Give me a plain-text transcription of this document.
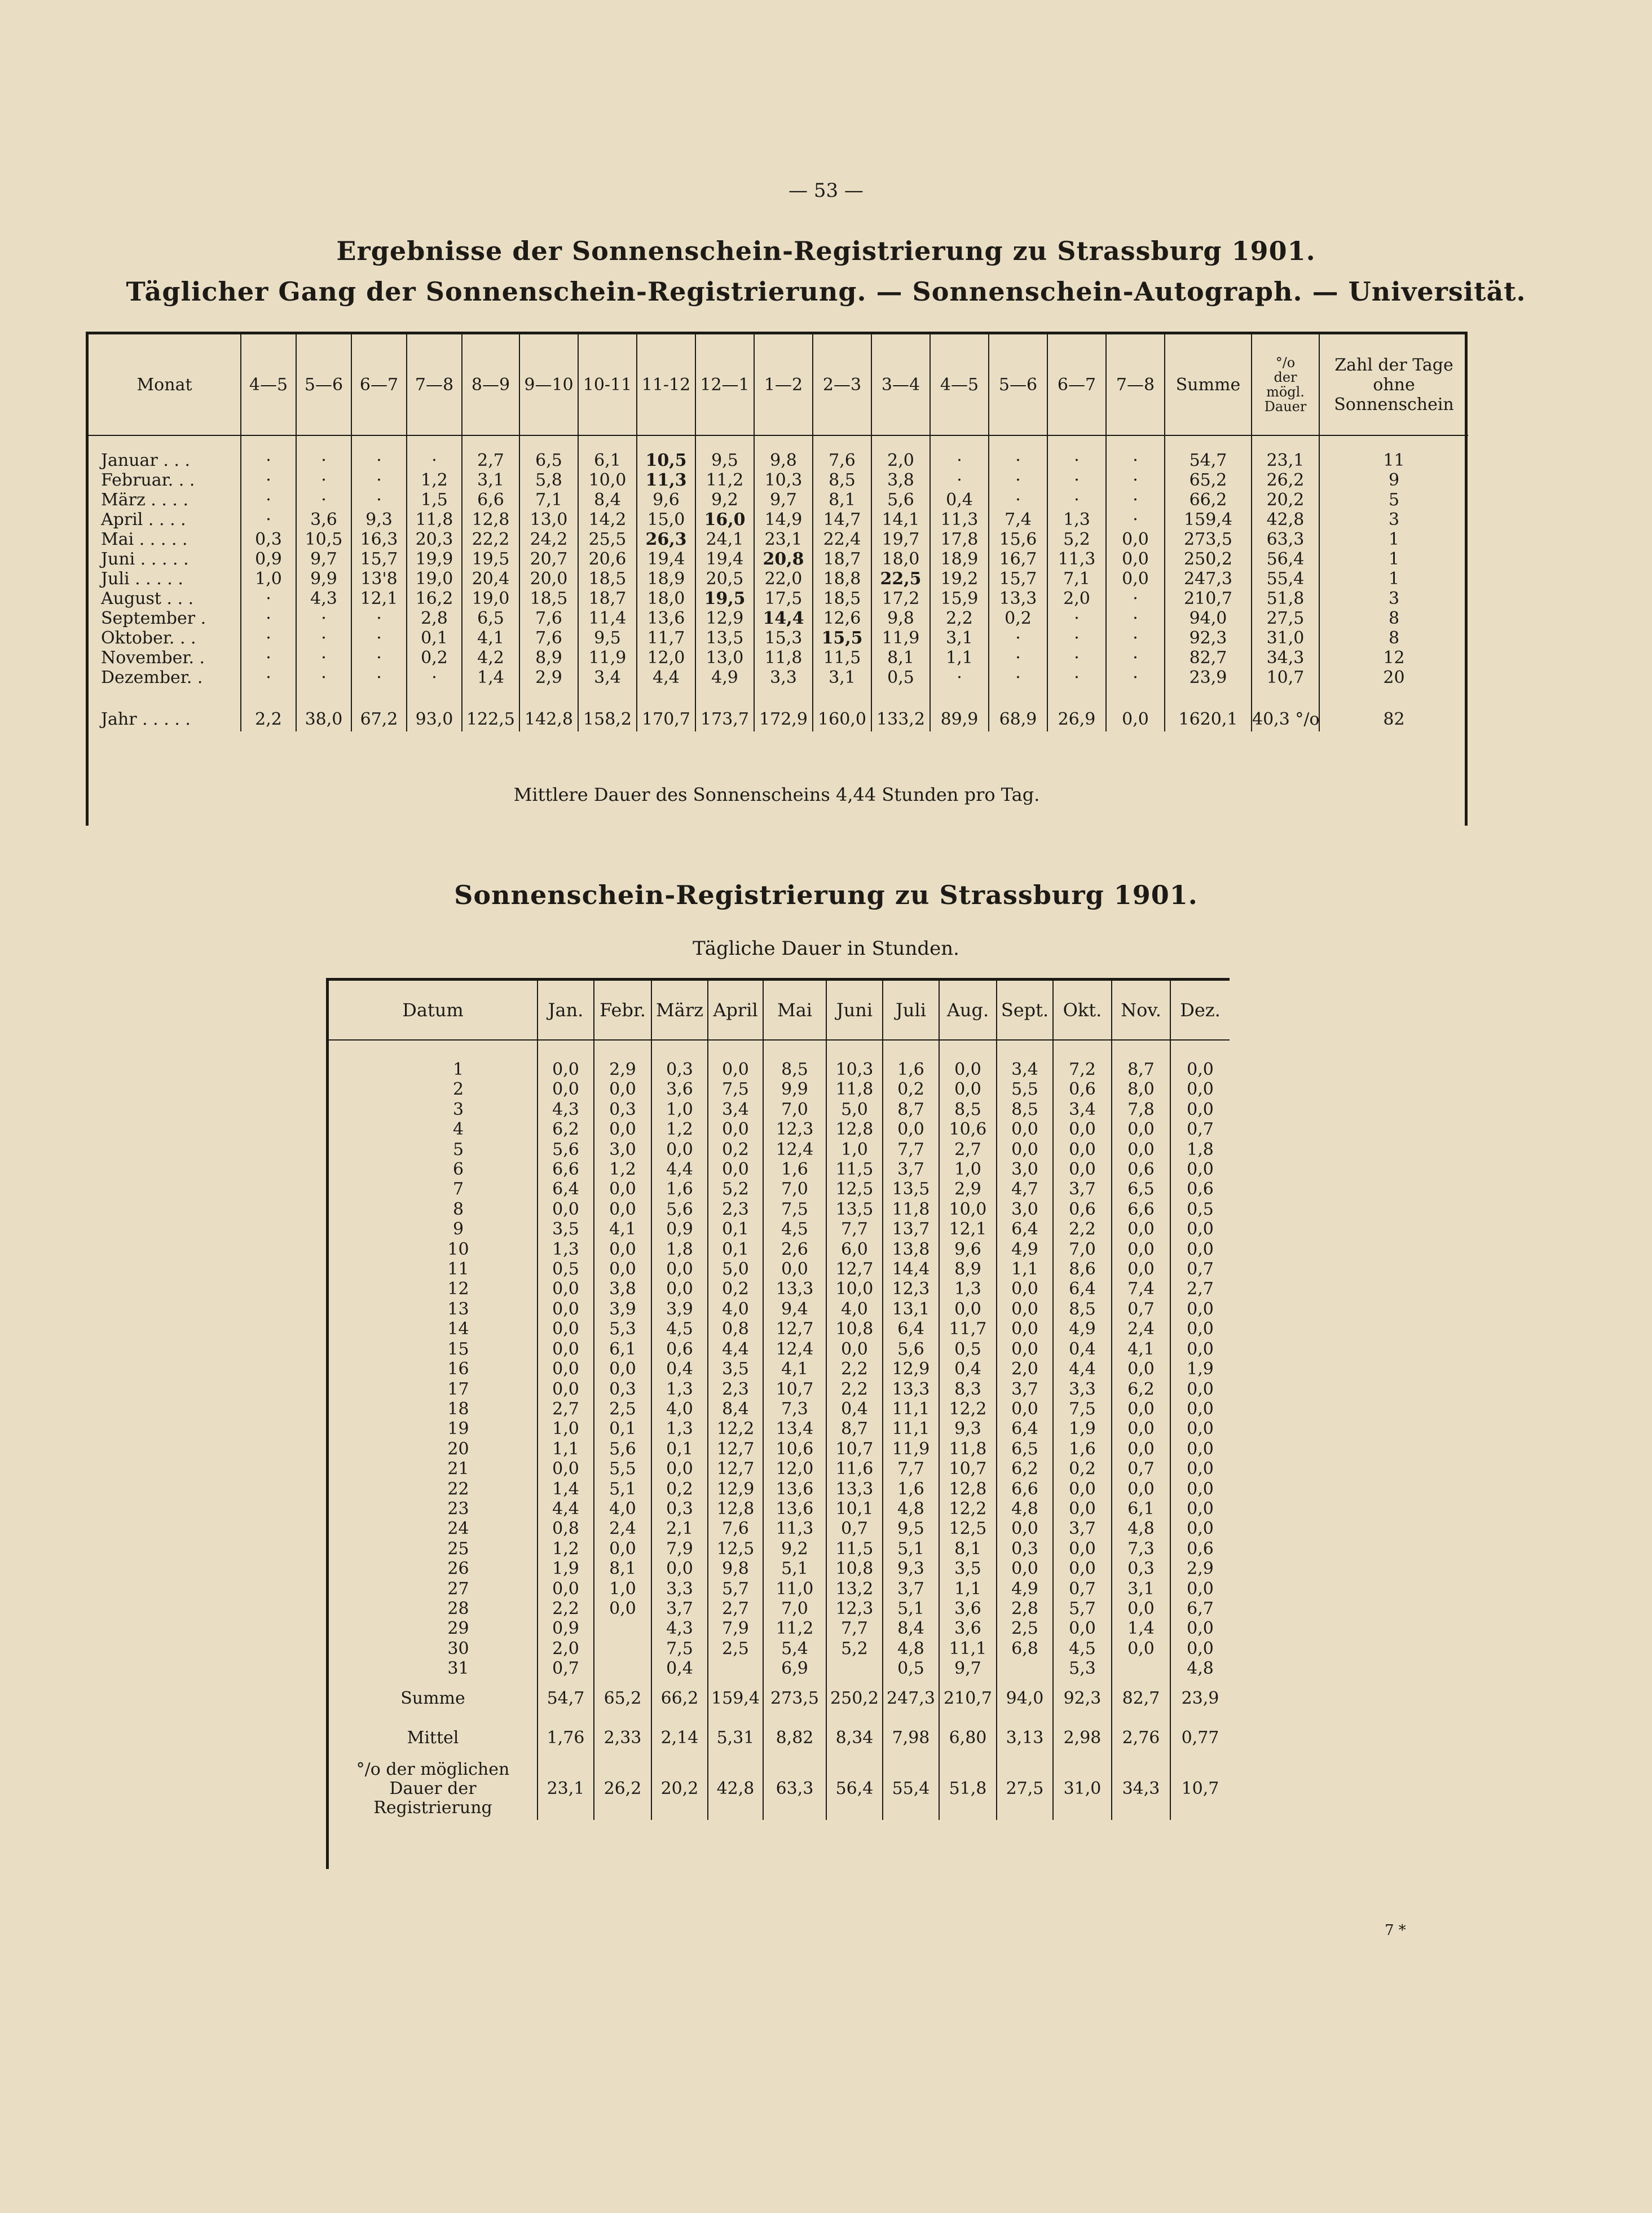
— 53 —
Ergebnisse der Sonnenschein-Registrierung zu Strassburg 1901.
Täglicher Gang der Sonnenschein-Registrierung. — Sonnenschein-Autograph. — Universität.
Monat	4—5	5—6	6—7	7—8	8—9	9—10	10-11	11-12	12—1	1—2	2—3	3—4	4—5	5—6	6—7	7—8	Summe	°/o
der
mögl.
Dauer	Zahl der Tage ohne Sonnenschein

Januar . . .	·	·	·	·	2,7	6,5	6,1	10,5	9,5	9,8	7,6	2,0	·	·	·	·	54,7	23,1	11
Februar. . .	·	·	·	1,2	3,1	5,8	10,0	11,3	11,2	10,3	8,5	3,8	·	·	·	·	65,2	26,2	9
März . . . .	·	·	·	1,5	6,6	7,1	8,4	9,6	9,2	9,7	8,1	5,6	0,4	·	·	·	66,2	20,2	5
April . . . .	·	3,6	9,3	11,8	12,8	13,0	14,2	15,0	16,0	14,9	14,7	14,1	11,3	7,4	1,3	·	159,4	42,8	3
Mai . . . . .	0,3	10,5	16,3	20,3	22,2	24,2	25,5	26,3	24,1	23,1	22,4	19,7	17,8	15,6	5,2	0,0	273,5	63,3	1
Juni . . . . .	0,9	9,7	15,7	19,9	19,5	20,7	20,6	19,4	19,4	20,8	18,7	18,0	18,9	16,7	11,3	0,0	250,2	56,4	1
Juli . . . . .	1,0	9,9	13'8	19,0	20,4	20,0	18,5	18,9	20,5	22,0	18,8	22,5	19,2	15,7	7,1	0,0	247,3	55,4	1
August . . .	·	4,3	12,1	16,2	19,0	18,5	18,7	18,0	19,5	17,5	18,5	17,2	15,9	13,3	2,0	·	210,7	51,8	3
September .	·	·	·	2,8	6,5	7,6	11,4	13,6	12,9	14,4	12,6	9,8	2,2	0,2	·	·	94,0	27,5	8
Oktober. . .	·	·	·	0,1	4,1	7,6	9,5	11,7	13,5	15,3	15,5	11,9	3,1	·	·	·	92,3	31,0	8
November. .	·	·	·	0,2	4,2	8,9	11,9	12,0	13,0	11,8	11,5	8,1	1,1	·	·	·	82,7	34,3	12
Dezember. .	·	·	·	·	1,4	2,9	3,4	4,4	4,9	3,3	3,1	0,5	·	·	·	·	23,9	10,7	20

Jahr . . . . .	2,2	38,0	67,2	93,0	122,5	142,8	158,2	170,7	173,7	172,9	160,0	133,2	89,9	68,9	26,9	0,0	1620,1	40,3 °/o	82
Mittlere Dauer des Sonnenscheins 4,44 Stunden pro Tag.
Sonnenschein-Registrierung zu Strassburg 1901.
Tägliche Dauer in Stunden.
Datum	Jan.	Febr.	März	April	Mai	Juni	Juli	Aug.	Sept.	Okt.	Nov.	Dez.

1	0,0	2,9	0,3	0,0	8,5	10,3	1,6	0,0	3,4	7,2	8,7	0,0
2	0,0	0,0	3,6	7,5	9,9	11,8	0,2	0,0	5,5	0,6	8,0	0,0
3	4,3	0,3	1,0	3,4	7,0	5,0	8,7	8,5	8,5	3,4	7,8	0,0
4	6,2	0,0	1,2	0,0	12,3	12,8	0,0	10,6	0,0	0,0	0,0	0,7
5	5,6	3,0	0,0	0,2	12,4	1,0	7,7	2,7	0,0	0,0	0,0	1,8
6	6,6	1,2	4,4	0,0	1,6	11,5	3,7	1,0	3,0	0,0	0,6	0,0
7	6,4	0,0	1,6	5,2	7,0	12,5	13,5	2,9	4,7	3,7	6,5	0,6
8	0,0	0,0	5,6	2,3	7,5	13,5	11,8	10,0	3,0	0,6	6,6	0,5
9	3,5	4,1	0,9	0,1	4,5	7,7	13,7	12,1	6,4	2,2	0,0	0,0
10	1,3	0,0	1,8	0,1	2,6	6,0	13,8	9,6	4,9	7,0	0,0	0,0
11	0,5	0,0	0,0	5,0	0,0	12,7	14,4	8,9	1,1	8,6	0,0	0,7
12	0,0	3,8	0,0	0,2	13,3	10,0	12,3	1,3	0,0	6,4	7,4	2,7
13	0,0	3,9	3,9	4,0	9,4	4,0	13,1	0,0	0,0	8,5	0,7	0,0
14	0,0	5,3	4,5	0,8	12,7	10,8	6,4	11,7	0,0	4,9	2,4	0,0
15	0,0	6,1	0,6	4,4	12,4	0,0	5,6	0,5	0,0	0,4	4,1	0,0
16	0,0	0,0	0,4	3,5	4,1	2,2	12,9	0,4	2,0	4,4	0,0	1,9
17	0,0	0,3	1,3	2,3	10,7	2,2	13,3	8,3	3,7	3,3	6,2	0,0
18	2,7	2,5	4,0	8,4	7,3	0,4	11,1	12,2	0,0	7,5	0,0	0,0
19	1,0	0,1	1,3	12,2	13,4	8,7	11,1	9,3	6,4	1,9	0,0	0,0
20	1,1	5,6	0,1	12,7	10,6	10,7	11,9	11,8	6,5	1,6	0,0	0,0
21	0,0	5,5	0,0	12,7	12,0	11,6	7,7	10,7	6,2	0,2	0,7	0,0
22	1,4	5,1	0,2	12,9	13,6	13,3	1,6	12,8	6,6	0,0	0,0	0,0
23	4,4	4,0	0,3	12,8	13,6	10,1	4,8	12,2	4,8	0,0	6,1	0,0
24	0,8	2,4	2,1	7,6	11,3	0,7	9,5	12,5	0,0	3,7	4,8	0,0
25	1,2	0,0	7,9	12,5	9,2	11,5	5,1	8,1	0,3	0,0	7,3	0,6
26	1,9	8,1	0,0	9,8	5,1	10,8	9,3	3,5	0,0	0,0	0,3	2,9
27	0,0	1,0	3,3	5,7	11,0	13,2	3,7	1,1	4,9	0,7	3,1	0,0
28	2,2	0,0	3,7	2,7	7,0	12,3	5,1	3,6	2,8	5,7	0,0	6,7
29	0,9		4,3	7,9	11,2	7,7	8,4	3,6	2,5	0,0	1,4	0,0
30	2,0		7,5	2,5	5,4	5,2	4,8	11,1	6,8	4,5	0,0	0,0
31	0,7		0,4		6,9		0,5	9,7		5,3		4,8
Summe	54,7	65,2	66,2	159,4	273,5	250,2	247,3	210,7	94,0	92,3	82,7	23,9
Mittel	1,76	2,33	2,14	5,31	8,82	8,34	7,98	6,80	3,13	2,98	2,76	0,77
°/o der möglichen Dauer der Registrierung	23,1	26,2	20,2	42,8	63,3	56,4	55,4	51,8	27,5	31,0	34,3	10,7
7 *
